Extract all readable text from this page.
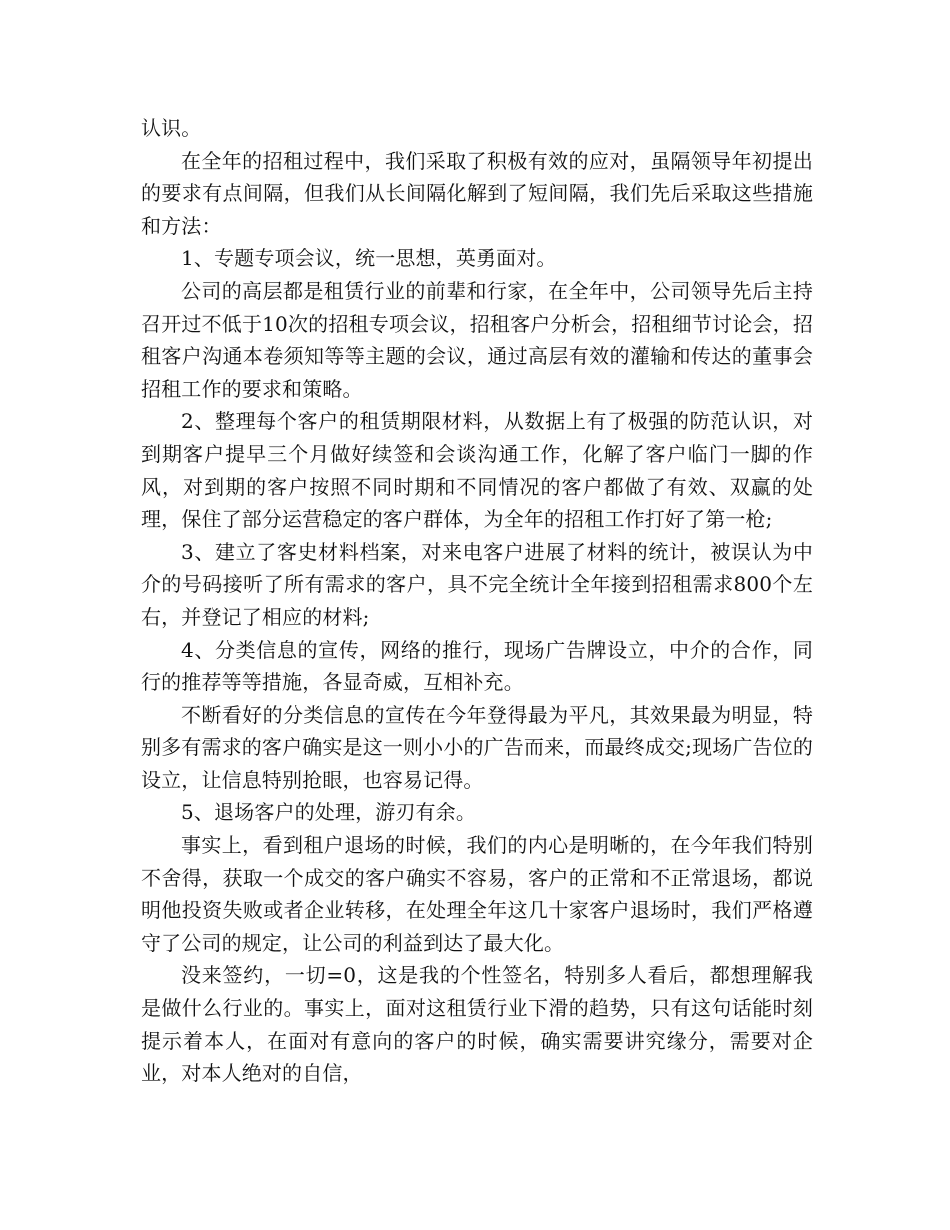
认识。

在全年的招租过程中，我们采取了积极有效的应对，虽隔领导年初提出的要求有点间隔，但我们从长间隔化解到了短间隔，我们先后采取这些措施和方法：

1、专题专项会议，统一思想，英勇面对。

公司的高层都是租赁行业的前辈和行家，在全年中，公司领导先后主持召开过不低于10次的招租专项会议，招租客户分析会，招租细节讨论会，招租客户沟通本卷须知等等主题的会议，通过高层有效的灌输和传达的董事会招租工作的要求和策略。

2、整理每个客户的租赁期限材料，从数据上有了极强的防范认识，对到期客户提早三个月做好续签和会谈沟通工作，化解了客户临门一脚的作风，对到期的客户按照不同时期和不同情况的客户都做了有效、双赢的处理，保住了部分运营稳定的客户群体，为全年的招租工作打好了第一枪;

3、建立了客史材料档案，对来电客户进展了材料的统计，被误认为中介的号码接听了所有需求的客户，具不完全统计全年接到招租需求800个左右，并登记了相应的材料;

4、分类信息的宣传，网络的推行，现场广告牌设立，中介的合作，同行的推荐等等措施，各显奇威，互相补充。

不断看好的分类信息的宣传在今年登得最为平凡，其效果最为明显，特别多有需求的客户确实是这一则小小的广告而来，而最终成交;现场广告位的设立，让信息特别抢眼，也容易记得。

5、退场客户的处理，游刃有余。

事实上，看到租户退场的时候，我们的内心是明晰的，在今年我们特别不舍得，获取一个成交的客户确实不容易，客户的正常和不正常退场，都说明他投资失败或者企业转移，在处理全年这几十家客户退场时，我们严格遵守了公司的规定，让公司的利益到达了最大化。

没来签约，一切=0，这是我的个性签名，特别多人看后，都想理解我是做什么行业的。事实上，面对这租赁行业下滑的趋势，只有这句话能时刻提示着本人，在面对有意向的客户的时候，确实需要讲究缘分，需要对企业，对本人绝对的自信，
